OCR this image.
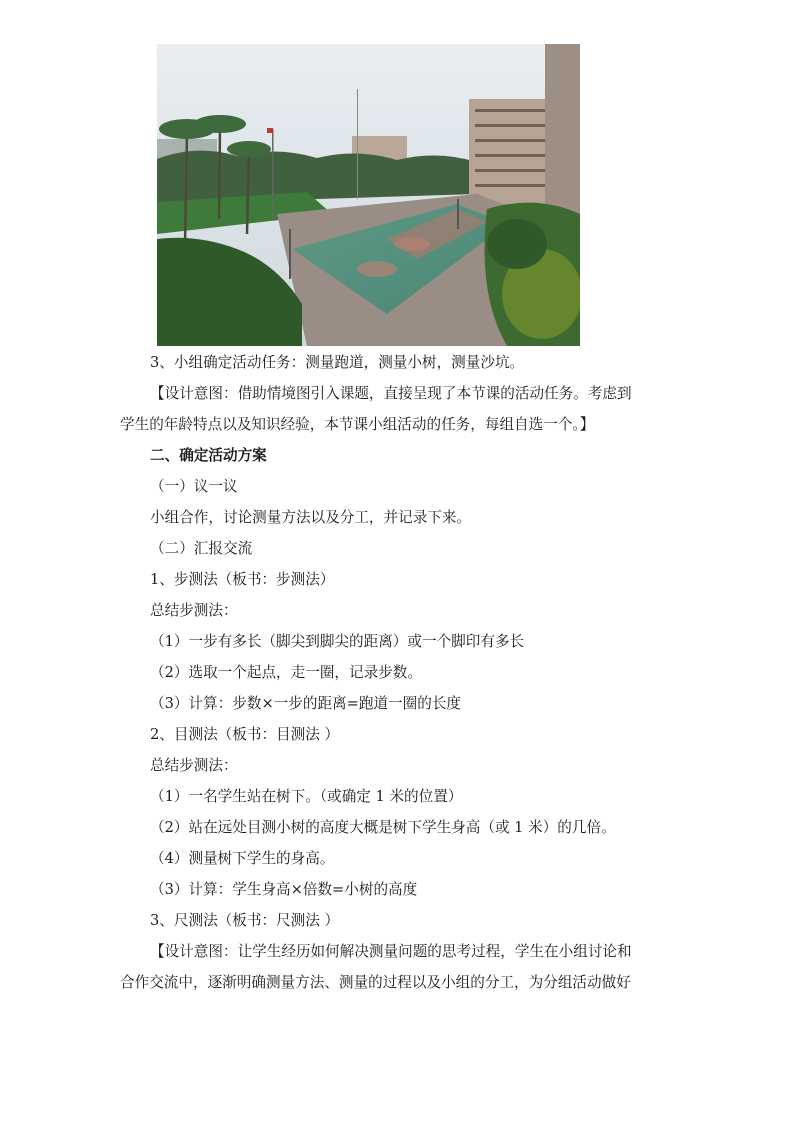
3、小组确定活动任务：测量跑道，测量小树，测量沙坑。
【设计意图：借助情境图引入课题，直接呈现了本节课的活动任务。考虑到
学生的年龄特点以及知识经验，本节课小组活动的任务，每组自选一个。】
二、确定活动方案
（一）议一议
小组合作，讨论测量方法以及分工，并记录下来。
（二）汇报交流
1、步测法（板书：步测法）
总结步测法：
（1）一步有多长（脚尖到脚尖的距离）或一个脚印有多长
（2）选取一个起点，走一圈，记录步数。
（3）计算：步数×一步的距离=跑道一圈的长度
2、目测法（板书：目测法 ）
总结步测法：
（1）一名学生站在树下。（或确定 1 米的位置）
（2）站在远处目测小树的高度大概是树下学生身高（或 1 米）的几倍。
（4）测量树下学生的身高。
（3）计算：学生身高×倍数=小树的高度
3、尺测法（板书：尺测法 ）
【设计意图：让学生经历如何解决测量问题的思考过程，学生在小组讨论和
合作交流中，逐渐明确测量方法、测量的过程以及小组的分工，为分组活动做好
